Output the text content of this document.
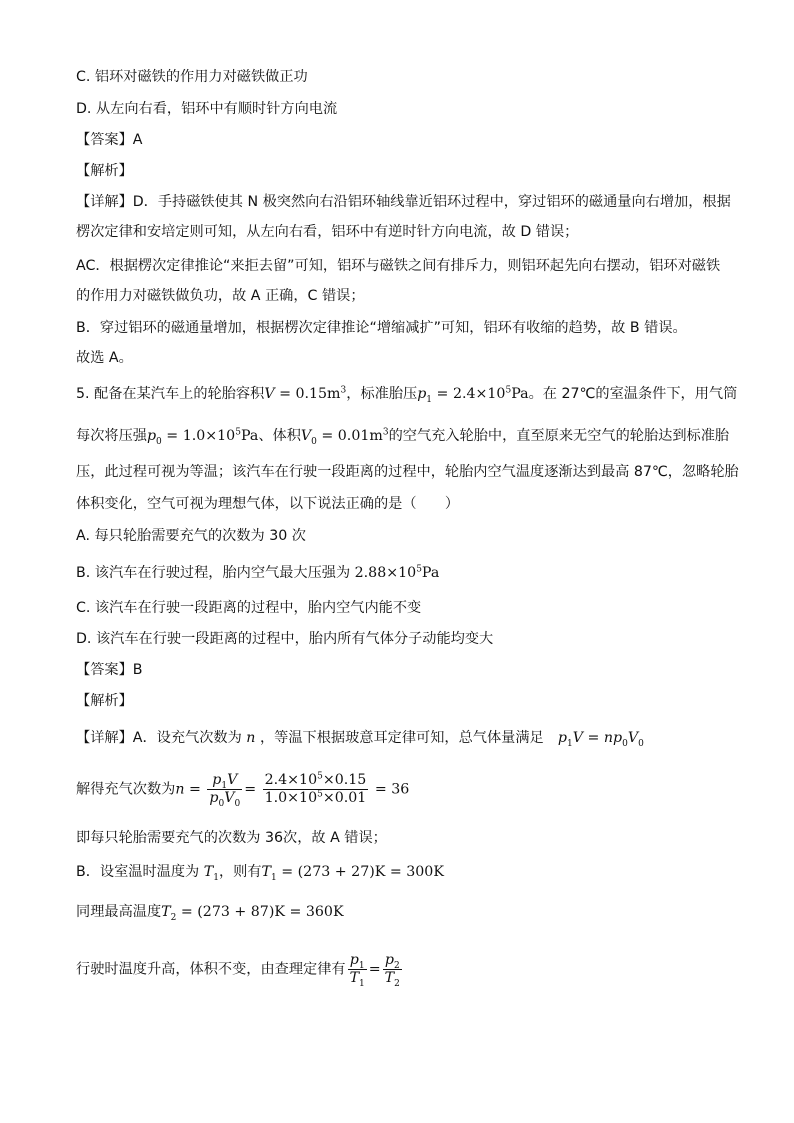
C. 铝环对磁铁的作用力对磁铁做正功
D. 从左向右看，铝环中有顺时针方向电流
【答案】A
【解析】
【详解】D．手持磁铁使其 N 极突然向右沿铝环轴线靠近铝环过程中，穿过铝环的磁通量向右增加，根据
楞次定律和安培定则可知，从左向右看，铝环中有逆时针方向电流，故 D 错误；
AC．根据楞次定律推论“来拒去留”可知，铝环与磁铁之间有排斥力，则铝环起先向右摆动，铝环对磁铁
的作用力对磁铁做负功，故 A 正确，C 错误；
B．穿过铝环的磁通量增加，根据楞次定律推论“增缩减扩”可知，铝环有收缩的趋势，故 B 错误。
故选 A。
5. 配备在某汽车上的轮胎容积$V = 0.15m^3$，标准胎压$p_1 = 2.4\times 10^5Pa$。在 27℃的室温条件下，用气筒
每次将压强$p_0 = 1.0\times 10^5Pa$、体积$V_0 = 0.01m^3$的空气充入轮胎中，直至原来无空气的轮胎达到标准胎
压，此过程可视为等温；该汽车在行驶一段距离的过程中，轮胎内空气温度逐渐达到最高 87℃，忽略轮胎
体积变化，空气可视为理想气体，以下说法正确的是（　　）
A. 每只轮胎需要充气的次数为 30 次
B. 该汽车在行驶过程，胎内空气最大压强为 $2.88\times 10^5Pa$
C. 该汽车在行驶一段距离的过程中，胎内空气内能不变
D. 该汽车在行驶一段距离的过程中，胎内所有气体分子动能均变大
【答案】B
【解析】
【详解】A．设充气次数为 n ，等温下根据玻意耳定律可知，总气体量满足　$p_1V = np_0V_0$
解得充气次数为$n = \frac{p_1V}{p_0V_0} = \frac{2.4\times 10^5\times 0.15}{1.0\times 10^5\times 0.01} = 36$
即每只轮胎需要充气的次数为 36次，故 A 错误；
B．设室温时温度为 $T_1$，则有$T_1 = (273 + 27)K = 300K$
同理最高温度$T_2 = (273 + 87)K = 360K$
行驶时温度升高，体积不变，由查理定律有 $\frac{p_1}{T_1} = \frac{p_2}{T_2}$
